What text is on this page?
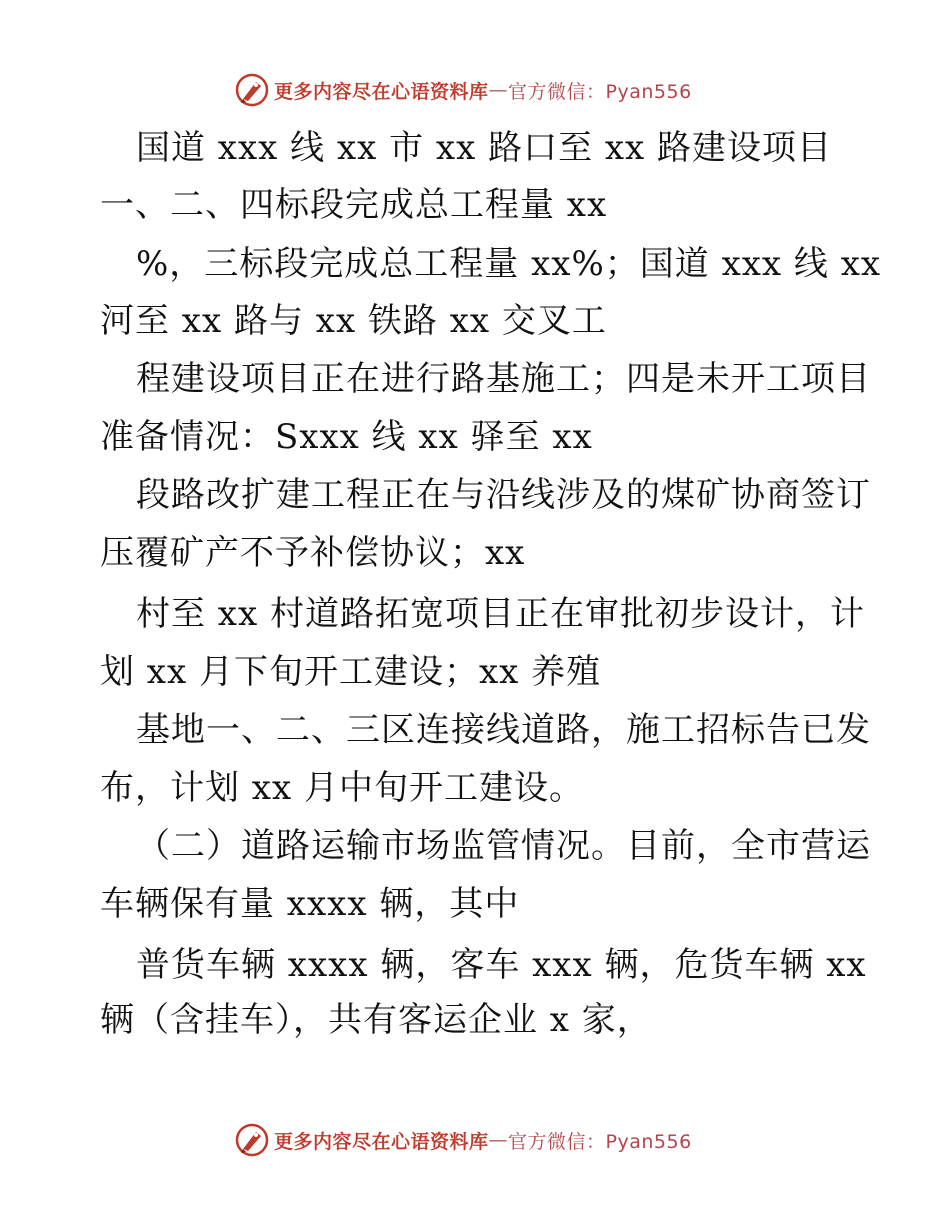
更多内容尽在心语资料库 — 官方微信：Pyan556
国道 xxx 线 xx 市 xx 路口至 xx 路建设项目
一、二、四标段完成总工程量 xx
%，三标段完成总工程量 xx%；国道 xxx 线 xx
河至 xx 路与 xx 铁路 xx 交叉工
程建设项目正在进行路基施工；四是未开工项目
准备情况：Sxxx 线 xx 驿至 xx
段路改扩建工程正在与沿线涉及的煤矿协商签订
压覆矿产不予补偿协议；xx
村至 xx 村道路拓宽项目正在审批初步设计，计
划 xx 月下旬开工建设；xx 养殖
基地一、二、三区连接线道路，施工招标告已发
布，计划 xx 月中旬开工建设。
（二）道路运输市场监管情况。目前，全市营运
车辆保有量 xxxx 辆，其中
普货车辆 xxxx 辆，客车 xxx 辆，危货车辆 xx
辆（含挂车），共有客运企业 x 家，
更多内容尽在心语资料库 — 官方微信：Pyan556
